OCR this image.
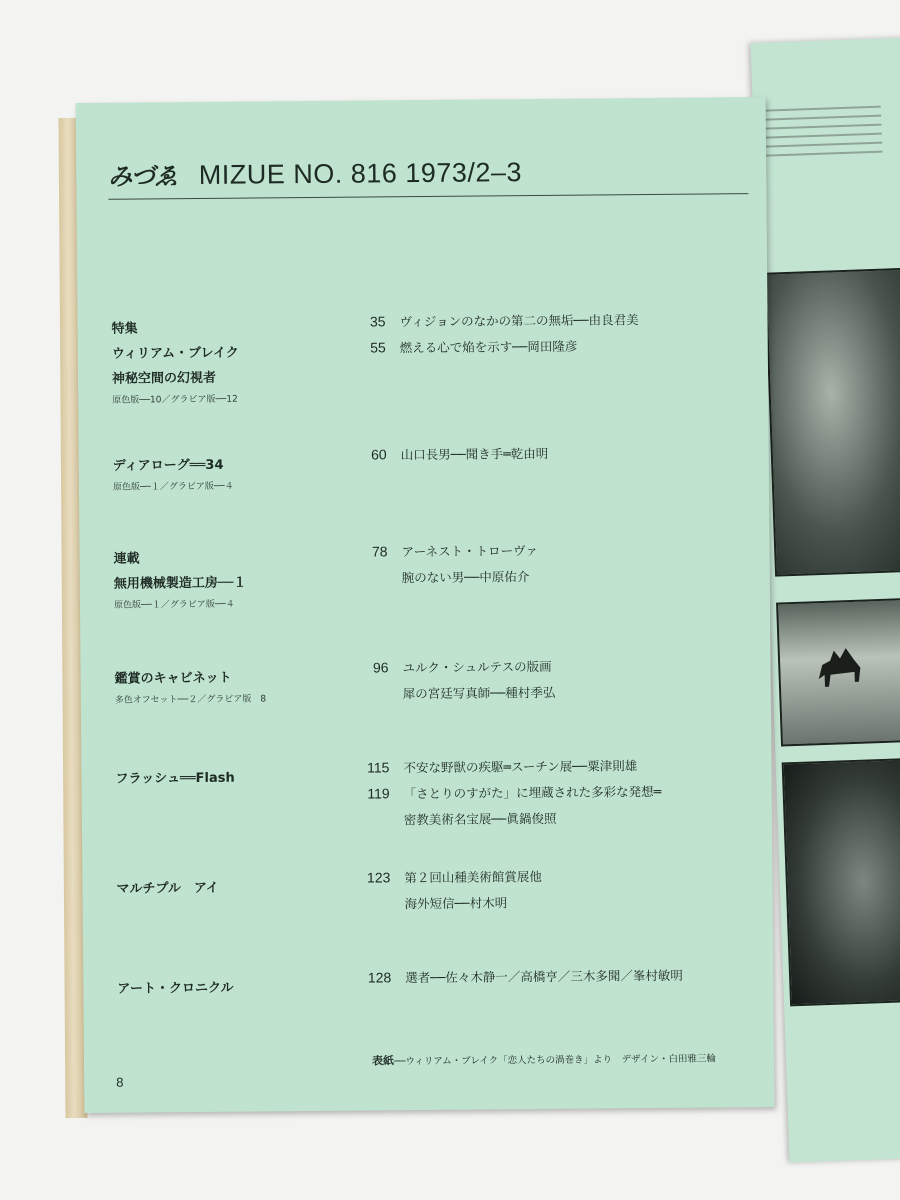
みづゑ MIZUE NO. 816 1973/2–3
特集
ウィリアム・ブレイク
神秘空間の幻視者
原色版──10／グラビア版──12
35 ヴィジョンのなかの第二の無垢──由良君美
55 燃える心で焔を示す──岡田隆彦
ディアローグ══34
原色版──１／グラビア版──４
60 山口長男──聞き手═乾由明
連載
無用機械製造工房──１
原色版──１／グラビア版──４
78 アーネスト・トローヴァ
腕のない男──中原佑介
鑑賞のキャビネット
多色オフセット──２／グラビア版　8
96 ユルク・シュルテスの版画
犀の宮廷写真師──種村季弘
フラッシュ══Flash
115 不安な野獣の疾駆═スーチン展──粟津則雄
119 「さとりのすがた」に埋蔵された多彩な発想═
密教美術名宝展──眞鍋俊照
マルチプル　アイ
123 第２回山種美術館賞展他
海外短信──村木明
アート・クロニクル
128 選者──佐々木静一／高橋亨／三木多聞／峯村敏明
表紙──ウィリアム・ブレイク「恋人たちの渦巻き」より　デザイン・白田雅三輪
8
